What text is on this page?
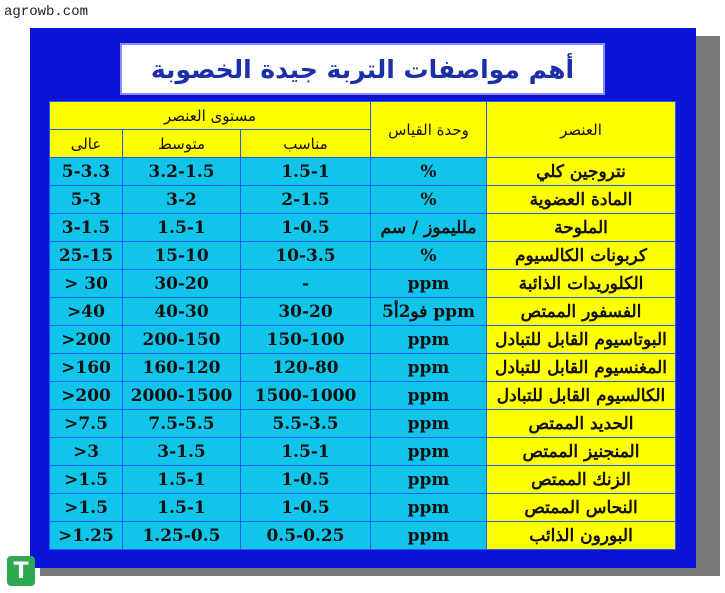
agrowb.com
أهم مواصفات التربة جيدة الخصوبة
مستوى العنصر			وحدة القياس	العنصر
عالى	متوسط	مناسب		
5-3.3	3.2-1.5	1.5-1	%	نتروجين كلي
5-3	3-2	2-1.5	%	المادة العضوية
3-1.5	1.5-1	1-0.5	ملليموز / سم	الملوحة
25-15	15-10	10-3.5	%	كربونات الكالسيوم
> 30	30-20	-	ppm	الكلوريدات الذائبة
>40	40-30	30-20	ppm فو2أ5	الفسفور الممتص
>200	200-150	150-100	ppm	البوتاسيوم القابل للتبادل
>160	160-120	120-80	ppm	المغنسيوم القابل للتبادل
>200	2000-1500	1500-1000	ppm	الكالسيوم القابل للتبادل
>7.5	7.5-5.5	5.5-3.5	ppm	الحديد الممتص
>3	3-1.5	1.5-1	ppm	المنجنيز الممتص
>1.5	1.5-1	1-0.5	ppm	الزنك الممتص
>1.5	1.5-1	1-0.5	ppm	النحاس الممتص
>1.25	1.25-0.5	0.5-0.25	ppm	البورون الذائب
T
